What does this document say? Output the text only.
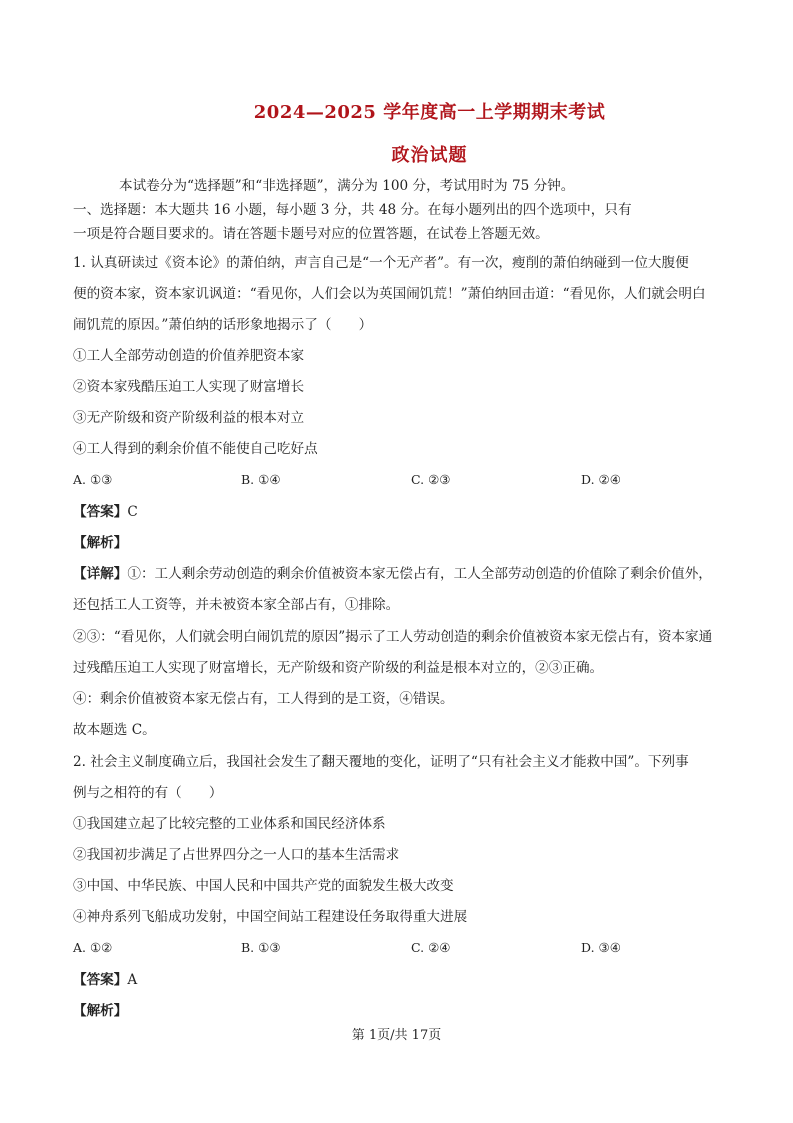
2024—2025 学年度高一上学期期末考试
政治试题
本试卷分为“选择题”和“非选择题”，满分为 100 分，考试用时为 75 分钟。
一、选择题：本大题共 16 小题，每小题 3 分，共 48 分。在每小题列出的四个选项中，只有
一项是符合题目要求的。请在答题卡题号对应的位置答题，在试卷上答题无效。
1. 认真研读过《资本论》的萧伯纳，声言自己是“一个无产者”。有一次，瘦削的萧伯纳碰到一位大腹便
便的资本家，资本家讥讽道：“看见你，人们会以为英国闹饥荒！”萧伯纳回击道：“看见你，人们就会明白
闹饥荒的原因。”萧伯纳的话形象地揭示了（　　）
①工人全部劳动创造的价值养肥资本家
②资本家残酷压迫工人实现了财富增长
③无产阶级和资产阶级利益的根本对立
④工人得到的剩余价值不能使自己吃好点
A. ①③	B. ①④	C. ②③	D. ②④
【答案】C
【解析】
【详解】①：工人剩余劳动创造的剩余价值被资本家无偿占有，工人全部劳动创造的价值除了剩余价值外，
还包括工人工资等，并未被资本家全部占有，①排除。
②③：“看见你，人们就会明白闹饥荒的原因”揭示了工人劳动创造的剩余价值被资本家无偿占有，资本家通
过残酷压迫工人实现了财富增长，无产阶级和资产阶级的利益是根本对立的，②③正确。
④：剩余价值被资本家无偿占有，工人得到的是工资，④错误。
故本题选 C。
2. 社会主义制度确立后，我国社会发生了翻天覆地的变化，证明了“只有社会主义才能救中国”。下列事
例与之相符的有（　　）
①我国建立起了比较完整的工业体系和国民经济体系
②我国初步满足了占世界四分之一人口的基本生活需求
③中国、中华民族、中国人民和中国共产党的面貌发生极大改变
④神舟系列飞船成功发射，中国空间站工程建设任务取得重大进展
A. ①②	B. ①③	C. ②④	D. ③④
【答案】A
【解析】
第 1页/共 17页
